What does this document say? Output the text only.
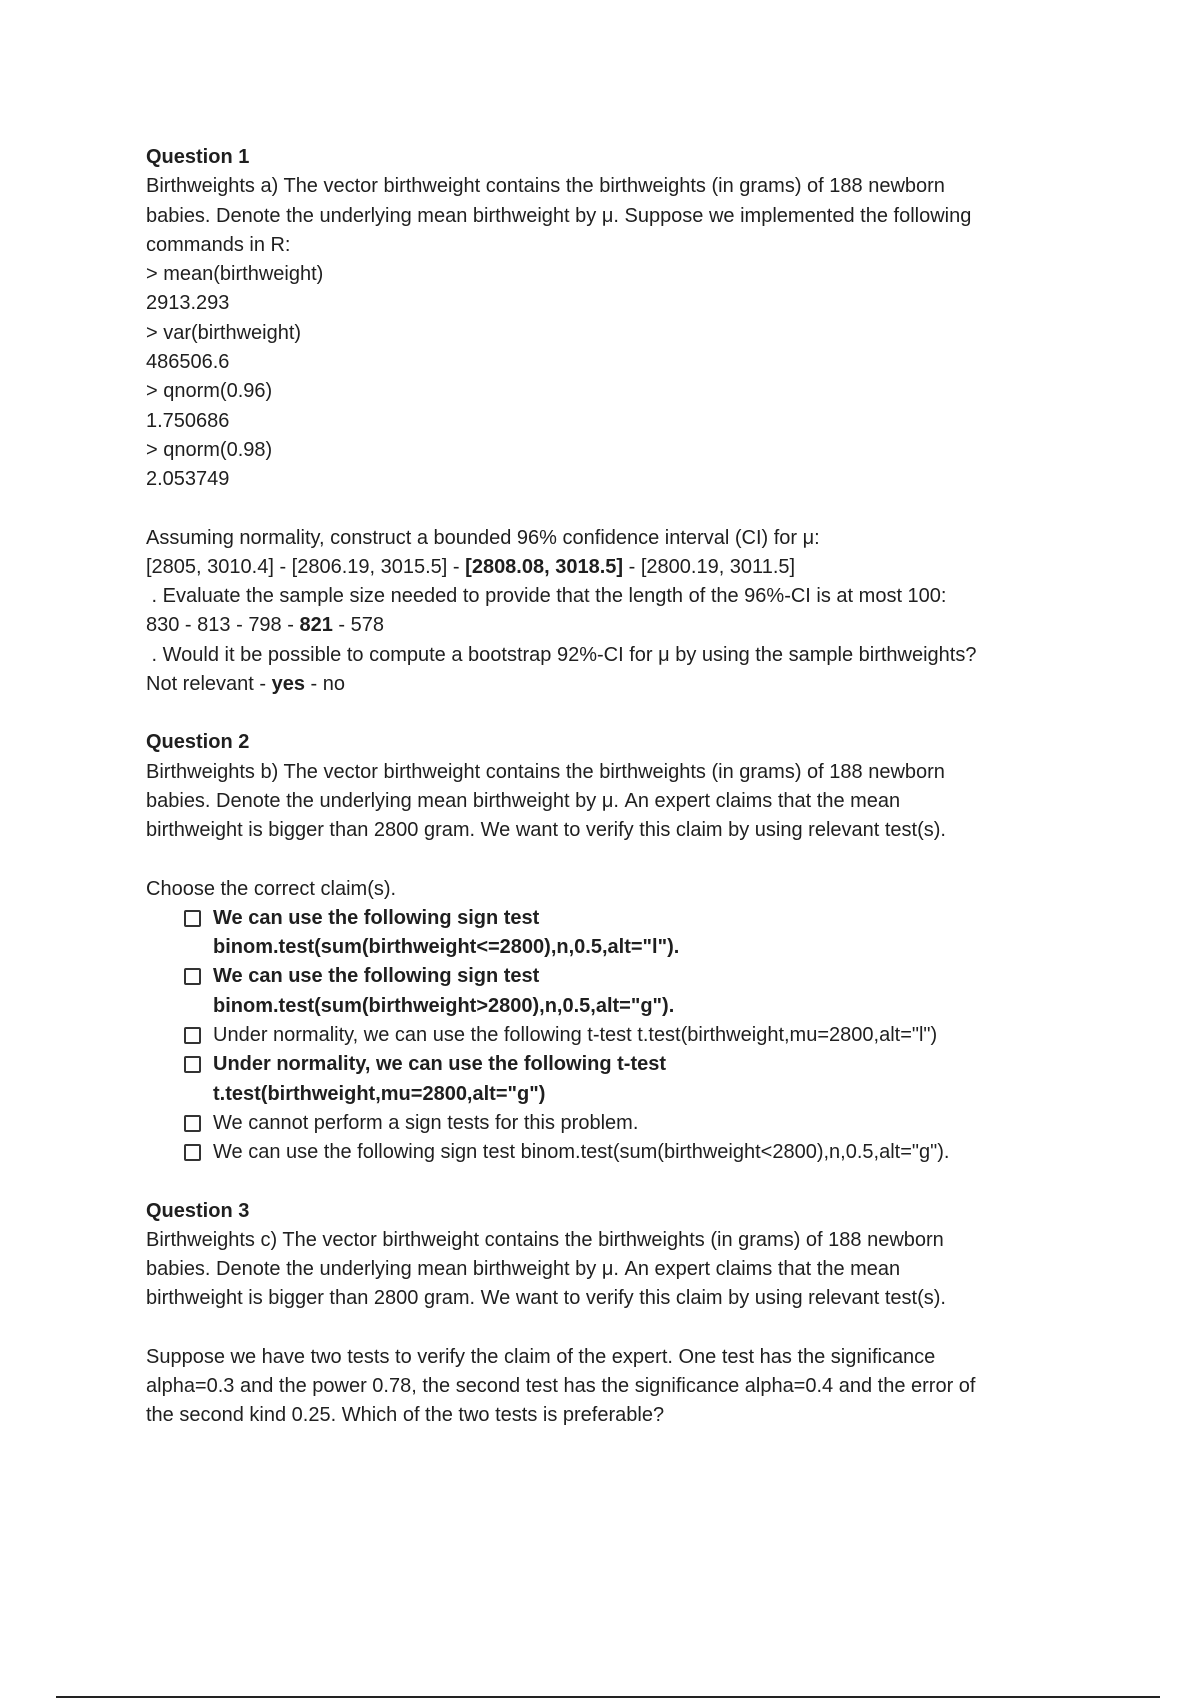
Question 1
Birthweights a) The vector birthweight contains the birthweights (in grams) of 188 newborn
babies. Denote the underlying mean birthweight by μ. Suppose we implemented the following
commands in R:
> mean(birthweight)
2913.293
> var(birthweight)
486506.6
> qnorm(0.96)
1.750686
> qnorm(0.98)
2.053749
Assuming normality, construct a bounded 96% confidence interval (CI) for μ:
[2805, 3010.4] - [2806.19, 3015.5] - [2808.08, 3018.5] - [2800.19, 3011.5]
. Evaluate the sample size needed to provide that the length of the 96%-CI is at most 100:
830 - 813 - 798 - 821 - 578
. Would it be possible to compute a bootstrap 92%-CI for μ by using the sample birthweights?
Not relevant - yes - no
Question 2
Birthweights b) The vector birthweight contains the birthweights (in grams) of 188 newborn
babies. Denote the underlying mean birthweight by μ. An expert claims that the mean
birthweight is bigger than 2800 gram. We want to verify this claim by using relevant test(s).
Choose the correct claim(s).
We can use the following sign test
binom.test(sum(birthweight<=2800),n,0.5,alt="l").
We can use the following sign test
binom.test(sum(birthweight>2800),n,0.5,alt="g").
Under normality, we can use the following t-test t.test(birthweight,mu=2800,alt="l")
Under normality, we can use the following t-test
t.test(birthweight,mu=2800,alt="g")
We cannot perform a sign tests for this problem.
We can use the following sign test binom.test(sum(birthweight<2800),n,0.5,alt="g").
Question 3
Birthweights c) The vector birthweight contains the birthweights (in grams) of 188 newborn
babies. Denote the underlying mean birthweight by μ. An expert claims that the mean
birthweight is bigger than 2800 gram. We want to verify this claim by using relevant test(s).
Suppose we have two tests to verify the claim of the expert. One test has the significance
alpha=0.3 and the power 0.78, the second test has the significance alpha=0.4 and the error of
the second kind 0.25. Which of the two tests is preferable?
